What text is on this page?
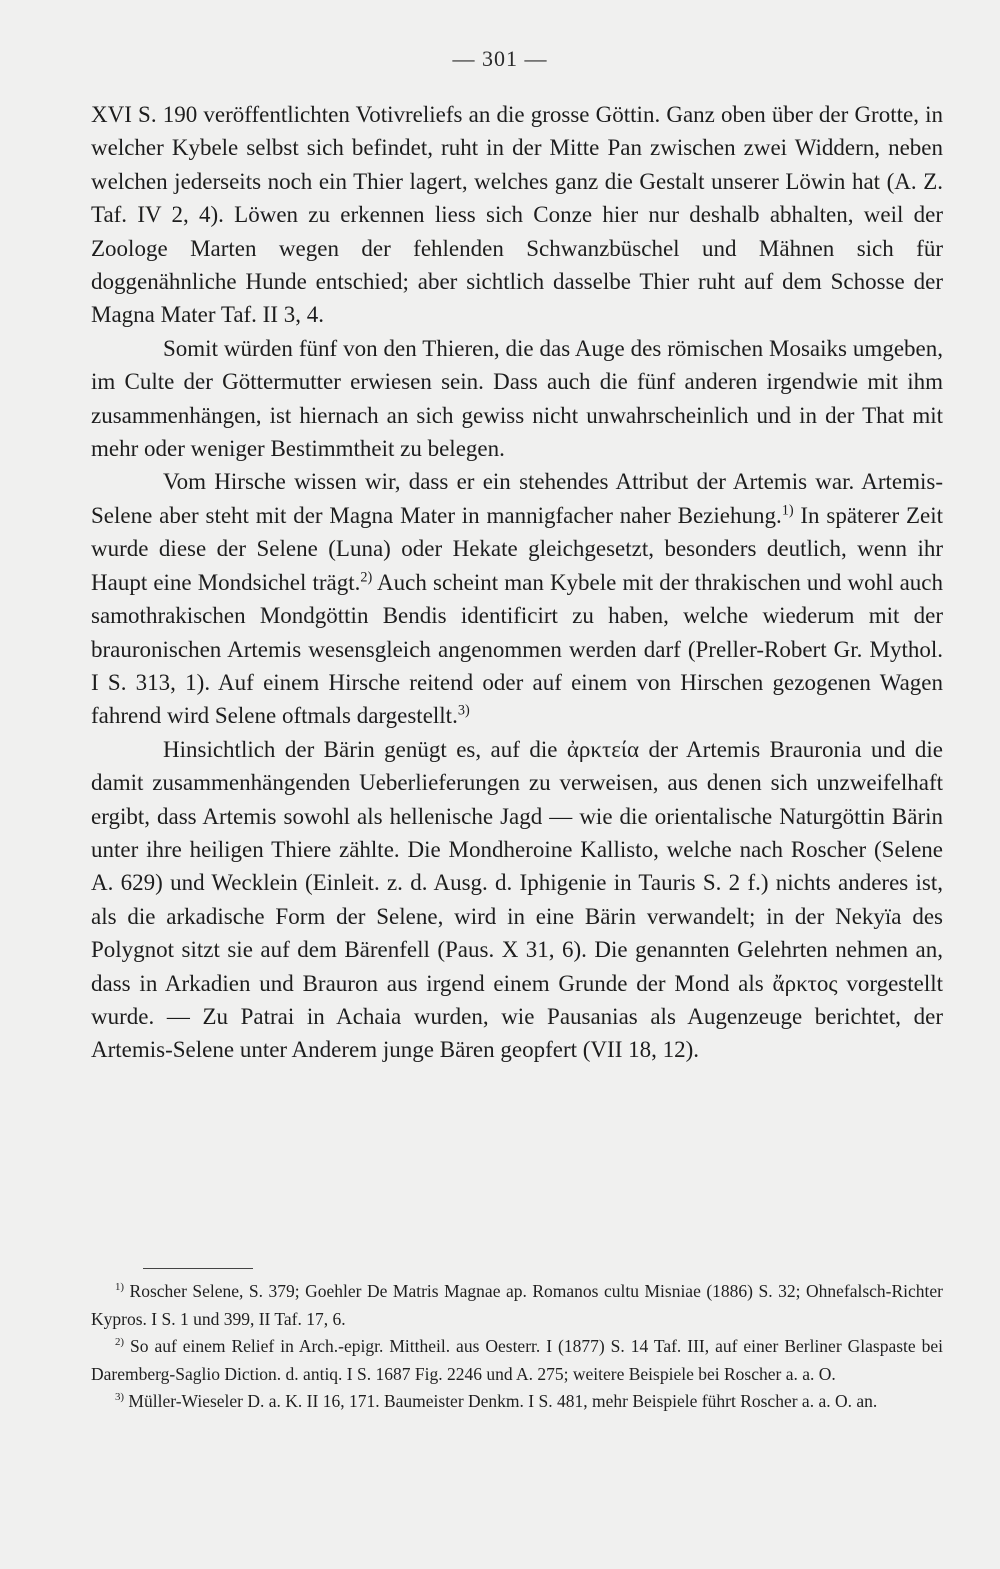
— 301 —

XVI S. 190 veröffentlichten Votivreliefs an die grosse Göttin. Ganz oben über der Grotte, in welcher Kybele selbst sich befindet, ruht in der Mitte Pan zwischen zwei Widdern, neben welchen jederseits noch ein Thier lagert, welches ganz die Gestalt unserer Löwin hat (A. Z. Taf. IV 2, 4). Löwen zu erkennen liess sich Conze hier nur deshalb abhalten, weil der Zoologe Marten wegen der fehlenden Schwanzbüschel und Mähnen sich für doggenähnliche Hunde entschied; aber sichtlich dasselbe Thier ruht auf dem Schosse der Magna Mater Taf. II 3, 4.

Somit würden fünf von den Thieren, die das Auge des römischen Mosaiks umgeben, im Culte der Göttermutter erwiesen sein. Dass auch die fünf anderen irgendwie mit ihm zusammenhängen, ist hiernach an sich gewiss nicht unwahrscheinlich und in der That mit mehr oder weniger Bestimmtheit zu belegen.

Vom Hirsche wissen wir, dass er ein stehendes Attribut der Artemis war. Artemis-Selene aber steht mit der Magna Mater in mannigfacher naher Beziehung.$^{1)}$ In späterer Zeit wurde diese der Selene (Luna) oder Hekate gleichgesetzt, besonders deutlich, wenn ihr Haupt eine Mondsichel trägt.$^{2)}$ Auch scheint man Kybele mit der thrakischen und wohl auch samothrakischen Mondgöttin Bendis identificirt zu haben, welche wiederum mit der brauronischen Artemis wesensgleich angenommen werden darf (Preller-Robert Gr. Mythol. I S. 313, 1). Auf einem Hirsche reitend oder auf einem von Hirschen gezogenen Wagen fahrend wird Selene oftmals dargestellt.$^{3)}$

Hinsichtlich der Bärin genügt es, auf die ἀρκτεία der Artemis Brauronia und die damit zusammenhängenden Ueberlieferungen zu verweisen, aus denen sich unzweifelhaft ergibt, dass Artemis sowohl als hellenische Jagd — wie die orientalische Naturgöttin Bärin unter ihre heiligen Thiere zählte. Die Mondheroine Kallisto, welche nach Roscher (Selene A. 629) und Wecklein (Einleit. z. d. Ausg. d. Iphigenie in Tauris S. 2 f.) nichts anderes ist, als die arkadische Form der Selene, wird in eine Bärin verwandelt; in der Nekyïa des Polygnot sitzt sie auf dem Bärenfell (Paus. X 31, 6). Die genannten Gelehrten nehmen an, dass in Arkadien und Brauron aus irgend einem Grunde der Mond als ἄρκτος vorgestellt wurde. — Zu Patrai in Achaia wurden, wie Pausanias als Augenzeuge berichtet, der Artemis-Selene unter Anderem junge Bären geopfert (VII 18, 12).

$^{1)}$ Roscher Selene, S. 379; Goehler De Matris Magnae ap. Romanos cultu Misniae (1886) S. 32; Ohnefalsch-Richter Kypros. I S. 1 und 399, II Taf. 17, 6.

$^{2)}$ So auf einem Relief in Arch.-epigr. Mittheil. aus Oesterr. I (1877) S. 14 Taf. III, auf einer Berliner Glaspaste bei Daremberg-Saglio Diction. d. antiq. I S. 1687 Fig. 2246 und A. 275; weitere Beispiele bei Roscher a. a. O.

$^{3)}$ Müller-Wieseler D. a. K. II 16, 171. Baumeister Denkm. I S. 481, mehr Beispiele führt Roscher a. a. O. an.
